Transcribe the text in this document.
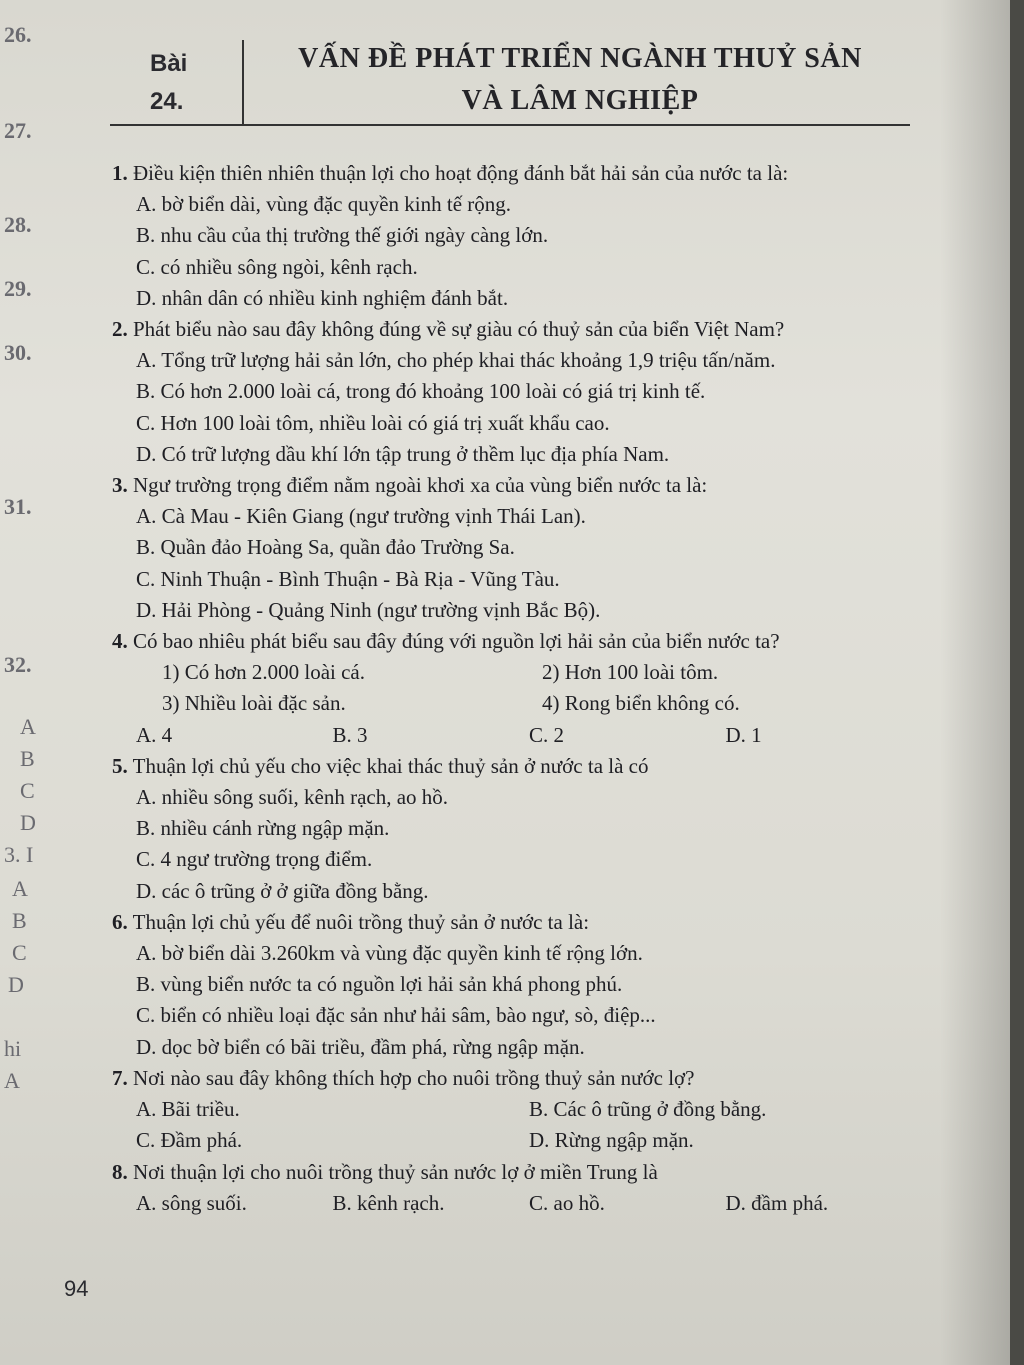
26.
27.
28.
29.
30.
31.
32.
A
B
C
D
3. I
A
B
C
D
hi
A
Bài
24.
VẤN ĐỀ PHÁT TRIỂN NGÀNH THUỶ SẢN
VÀ LÂM NGHIỆP
1. Điều kiện thiên nhiên thuận lợi cho hoạt động đánh bắt hải sản của nước ta là:
A. bờ biển dài, vùng đặc quyền kinh tế rộng.
B. nhu cầu của thị trường thế giới ngày càng lớn.
C. có nhiều sông ngòi, kênh rạch.
D. nhân dân có nhiều kinh nghiệm đánh bắt.
2. Phát biểu nào sau đây không đúng về sự giàu có thuỷ sản của biển Việt Nam?
A. Tổng trữ lượng hải sản lớn, cho phép khai thác khoảng 1,9 triệu tấn/năm.
B. Có hơn 2.000 loài cá, trong đó khoảng 100 loài có giá trị kinh tế.
C. Hơn 100 loài tôm, nhiều loài có giá trị xuất khẩu cao.
D. Có trữ lượng dầu khí lớn tập trung ở thềm lục địa phía Nam.
3. Ngư trường trọng điểm nằm ngoài khơi xa của vùng biển nước ta là:
A. Cà Mau - Kiên Giang (ngư trường vịnh Thái Lan).
B. Quần đảo Hoàng Sa, quần đảo Trường Sa.
C. Ninh Thuận - Bình Thuận - Bà Rịa - Vũng Tàu.
D. Hải Phòng - Quảng Ninh (ngư trường vịnh Bắc Bộ).
4. Có bao nhiêu phát biểu sau đây đúng với nguồn lợi hải sản của biển nước ta?
1) Có hơn 2.000 loài cá.	2) Hơn 100 loài tôm.
3) Nhiều loài đặc sản.	4) Rong biển không có.
A. 4	B. 3	C. 2	D. 1
5. Thuận lợi chủ yếu cho việc khai thác thuỷ sản ở nước ta là có
A. nhiều sông suối, kênh rạch, ao hồ.
B. nhiều cánh rừng ngập mặn.
C. 4 ngư trường trọng điểm.
D. các ô trũng ở ở giữa đồng bằng.
6. Thuận lợi chủ yếu để nuôi trồng thuỷ sản ở nước ta là:
A. bờ biển dài 3.260km và vùng đặc quyền kinh tế rộng lớn.
B. vùng biển nước ta có nguồn lợi hải sản khá phong phú.
C. biển có nhiều loại đặc sản như hải sâm, bào ngư, sò, điệp...
D. dọc bờ biển có bãi triều, đầm phá, rừng ngập mặn.
7. Nơi nào sau đây không thích hợp cho nuôi trồng thuỷ sản nước lợ?
A. Bãi triều.	B. Các ô trũng ở đồng bằng.
C. Đầm phá.	D. Rừng ngập mặn.
8. Nơi thuận lợi cho nuôi trồng thuỷ sản nước lợ ở miền Trung là
A. sông suối.	B. kênh rạch.	C. ao hồ.	D. đầm phá.
94
